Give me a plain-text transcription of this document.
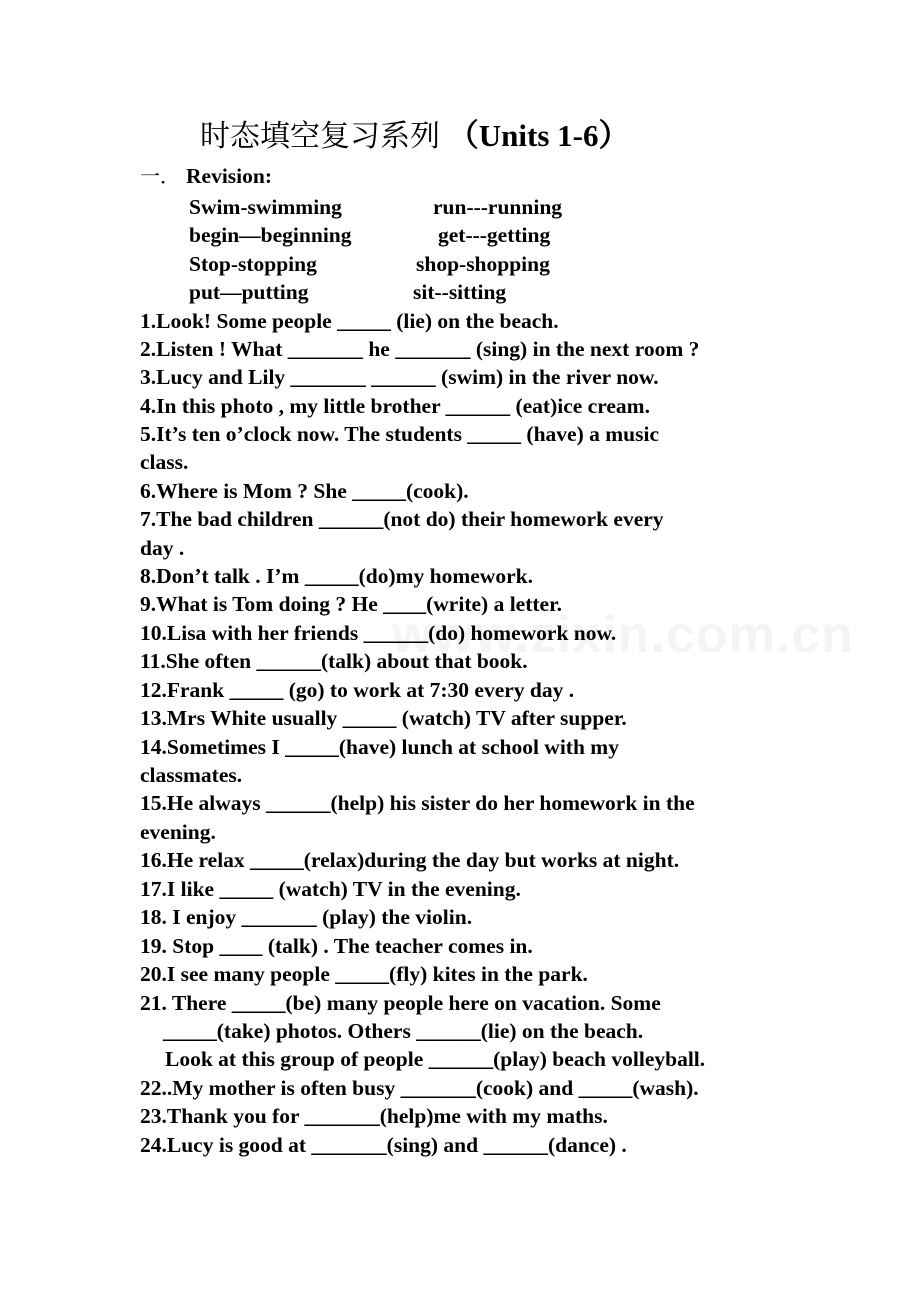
时态填空复习系列 （Units 1-6）
一． Revision:
Swim-swimming	run---running
begin—beginning	get---getting
Stop-stopping	shop-shopping
put—putting	sit--sitting
1.Look! Some people _____ (lie) on the beach.
2.Listen ! What _______ he _______ (sing) in the next room ?
3.Lucy and Lily _______ ______ (swim) in the river now.
4.In this photo , my little brother ______ (eat)ice cream.
5.It’s ten o’clock now. The students _____ (have) a music
class.
6.Where is Mom ? She _____(cook).
7.The bad children ______(not do) their homework every
day .
8.Don’t talk . I’m _____(do)my homework.
9.What is Tom doing ? He ____(write) a letter.
10.Lisa with her friends ______(do) homework now.
11.She often ______(talk) about that book.
12.Frank _____ (go) to work at 7:30 every day .
13.Mrs White usually _____ (watch) TV after supper.
14.Sometimes I _____(have) lunch at school with my
classmates.
15.He always ______(help) his sister do her homework in the
evening.
16.He relax _____(relax)during the day but works at night.
17.I like _____ (watch) TV in the evening.
18. I enjoy _______ (play) the violin.
19. Stop ____ (talk) . The teacher comes in.
20.I see many people _____(fly) kites in the park.
21. There _____(be) many people here on vacation. Some
_____(take) photos. Others ______(lie) on the beach.
Look at this group of people ______(play) beach volleyball.
22..My mother is often busy _______(cook) and _____(wash).
23.Thank you for _______(help)me with my maths.
24.Lucy is good at _______(sing) and ______(dance) .
